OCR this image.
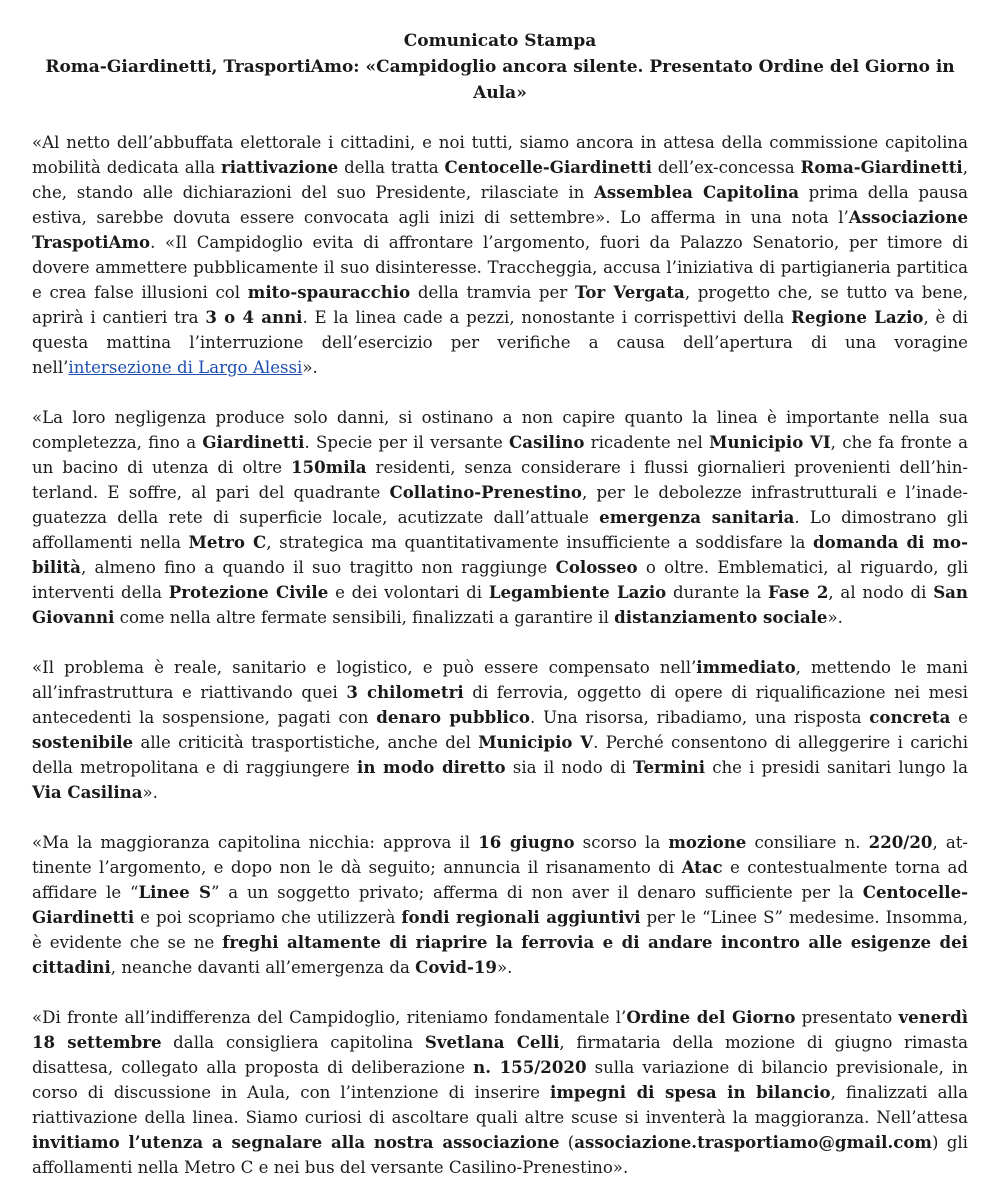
Comunicato Stampa
Roma-Giardinetti, TrasportiAmo: «Campidoglio ancora silente. Presentato Ordine del Giorno in Aula»

«Al netto dell’abbuffata elettorale i cittadini, e noi tutti, siamo ancora in attesa della commissione capitolina mobilità dedicata alla riattivazione della tratta Centocelle-Giardinetti dell’ex-concessa Roma-Giardinetti, che, stando alle dichiarazioni del suo Presidente, rilasciate in Assemblea Capitolina prima della pausa estiva, sarebbe dovuta essere convocata agli inizi di settembre». Lo afferma in una nota l’Associazione TraspotiAmo. «Il Campidoglio evita di affrontare l’argomento, fuori da Palazzo Senatorio, per timore di dovere ammettere pubblicamente il suo disinteresse. Traccheggia, accusa l’iniziativa di partigianeria partitica e crea false illusioni col mito-spauracchio della tramvia per Tor Vergata, progetto che, se tutto va bene, aprirà i cantieri tra 3 o 4 anni. E la linea cade a pezzi, nonostante i corrispettivi della Regione Lazio, è di questa mattina l’interruzione dell’esercizio per verifiche a causa dell’apertura di una voragine nell’intersezione di Largo Alessi».

«La loro negligenza produce solo danni, si ostinano a non capire quanto la linea è importante nella sua completezza, fino a Giardinetti. Specie per il versante Casilino ricadente nel Municipio VI, che fa fronte a un bacino di utenza di oltre 150mila residenti, senza considerare i flussi giornalieri provenienti dell’hinterland. E soffre, al pari del quadrante Collatino-Prenestino, per le debolezze infrastrutturali e l’inadeguatezza della rete di superficie locale, acutizzate dall’attuale emergenza sanitaria. Lo dimostrano gli affollamenti nella Metro C, strategica ma quantitativamente insufficiente a soddisfare la domanda di mobilità, almeno fino a quando il suo tragitto non raggiunge Colosseo o oltre. Emblematici, al riguardo, gli interventi della Protezione Civile e dei volontari di Legambiente Lazio durante la Fase 2, al nodo di San Giovanni come nella altre fermate sensibili, finalizzati a garantire il distanziamento sociale».

«Il problema è reale, sanitario e logistico, e può essere compensato nell’immediato, mettendo le mani all’infrastruttura e riattivando quei 3 chilometri di ferrovia, oggetto di opere di riqualificazione nei mesi antecedenti la sospensione, pagati con denaro pubblico. Una risorsa, ribadiamo, una risposta concreta e sostenibile alle criticità trasportistiche, anche del Municipio V. Perché consentono di alleggerire i carichi della metropolitana e di raggiungere in modo diretto sia il nodo di Termini che i presidi sanitari lungo la Via Casilina».

«Ma la maggioranza capitolina nicchia: approva il 16 giugno scorso la mozione consiliare n. 220/20, attinente l’argomento, e dopo non le dà seguito; annuncia il risanamento di Atac e contestualmente torna ad affidare le “Linee S” a un soggetto privato; afferma di non aver il denaro sufficiente per la Centocelle-Giardinetti e poi scopriamo che utilizzerà fondi regionali aggiuntivi per le “Linee S” medesime. Insomma, è evidente che se ne freghi altamente di riaprire la ferrovia e di andare incontro alle esigenze dei cittadini, neanche davanti all’emergenza da Covid-19».

«Di fronte all’indifferenza del Campidoglio, riteniamo fondamentale l’Ordine del Giorno presentato venerdì 18 settembre dalla consigliera capitolina Svetlana Celli, firmataria della mozione di giugno rimasta disattesa, collegato alla proposta di deliberazione n. 155/2020 sulla variazione di bilancio previsionale, in corso di discussione in Aula, con l’intenzione di inserire impegni di spesa in bilancio, finalizzati alla riattivazione della linea. Siamo curiosi di ascoltare quali altre scuse si inventerà la maggioranza. Nell’attesa invitiamo l’utenza a segnalare alla nostra associazione (associazione.trasportiamo@gmail.com) gli affollamenti nella Metro C e nei bus del versante Casilino-Prenestino».
